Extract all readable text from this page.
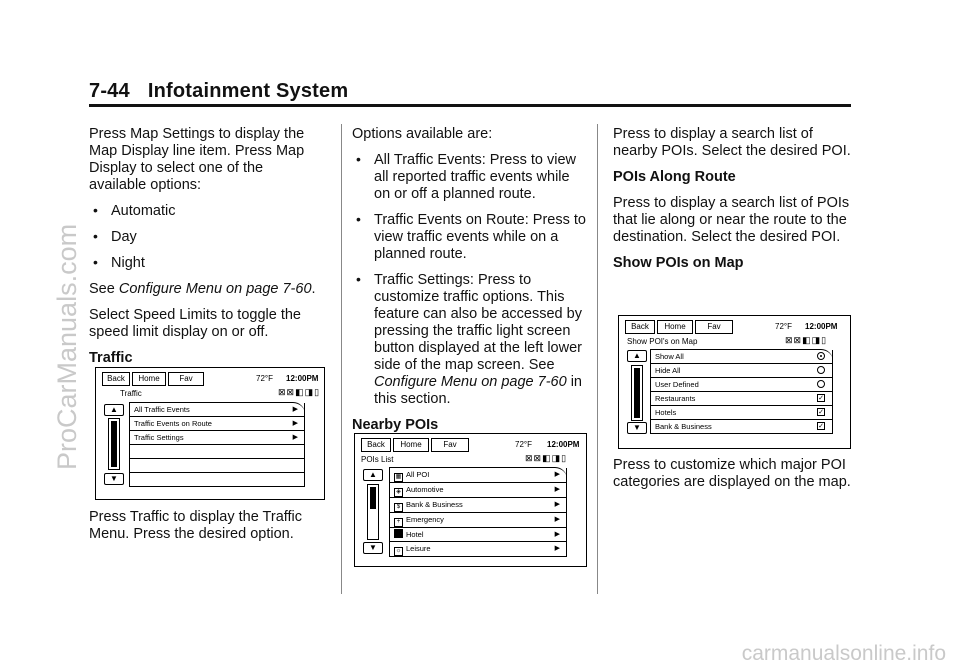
7-44 Infotainment System
ProCarManuals.com
carmanualsonline.info

Press Map Settings to display the Map Display line item. Press Map Display to select one of the available options:

• Automatic
• Day
• Night

See Configure Menu on page 7-60.

Select Speed Limits to toggle the speed limit display on or off.

Traffic
Back	Home	Fav	72°F 12:00PM
⊠⊠◧◨▯
Traffic
▲
▼
All Traffic Events	▶
Traffic Events on Route	▶
Traffic Settings	▶

Press Traffic to display the Traffic Menu. Press the desired option.

Options available are:

• All Traffic Events: Press to view all reported traffic events while on or off a planned route.
• Traffic Events on Route: Press to view traffic events while on a planned route.
• Traffic Settings: Press to customize traffic options. This feature can also be accessed by pressing the traffic light screen button displayed at the left lower side of the map screen. See Configure Menu on page 7-60 in this section.
Nearby POIs
Back	Home	Fav	72°F 12:00PM
⊠⊠◧◨▯
POIs List
▲
▼
▦ All POI	▶
◈ Automotive	▶
$ Bank & Business	▶
+ Emergency	▶
Hotel	▶
☼ Leisure	▶

Press to display a search list of nearby POIs. Select the desired POI.

POIs Along Route

Press to display a search list of POIs that lie along or near the route to the destination. Select the desired POI.

Show POIs on Map
Back	Home	Fav	72°F 12:00PM
⊠⊠◧◨▯
Show POI's on Map
▲
▼
Show All
Hide All
User Defined
Restaurants	✓
Hotels	✓
Bank & Business	✓

Press to customize which major POI categories are displayed on the map.
